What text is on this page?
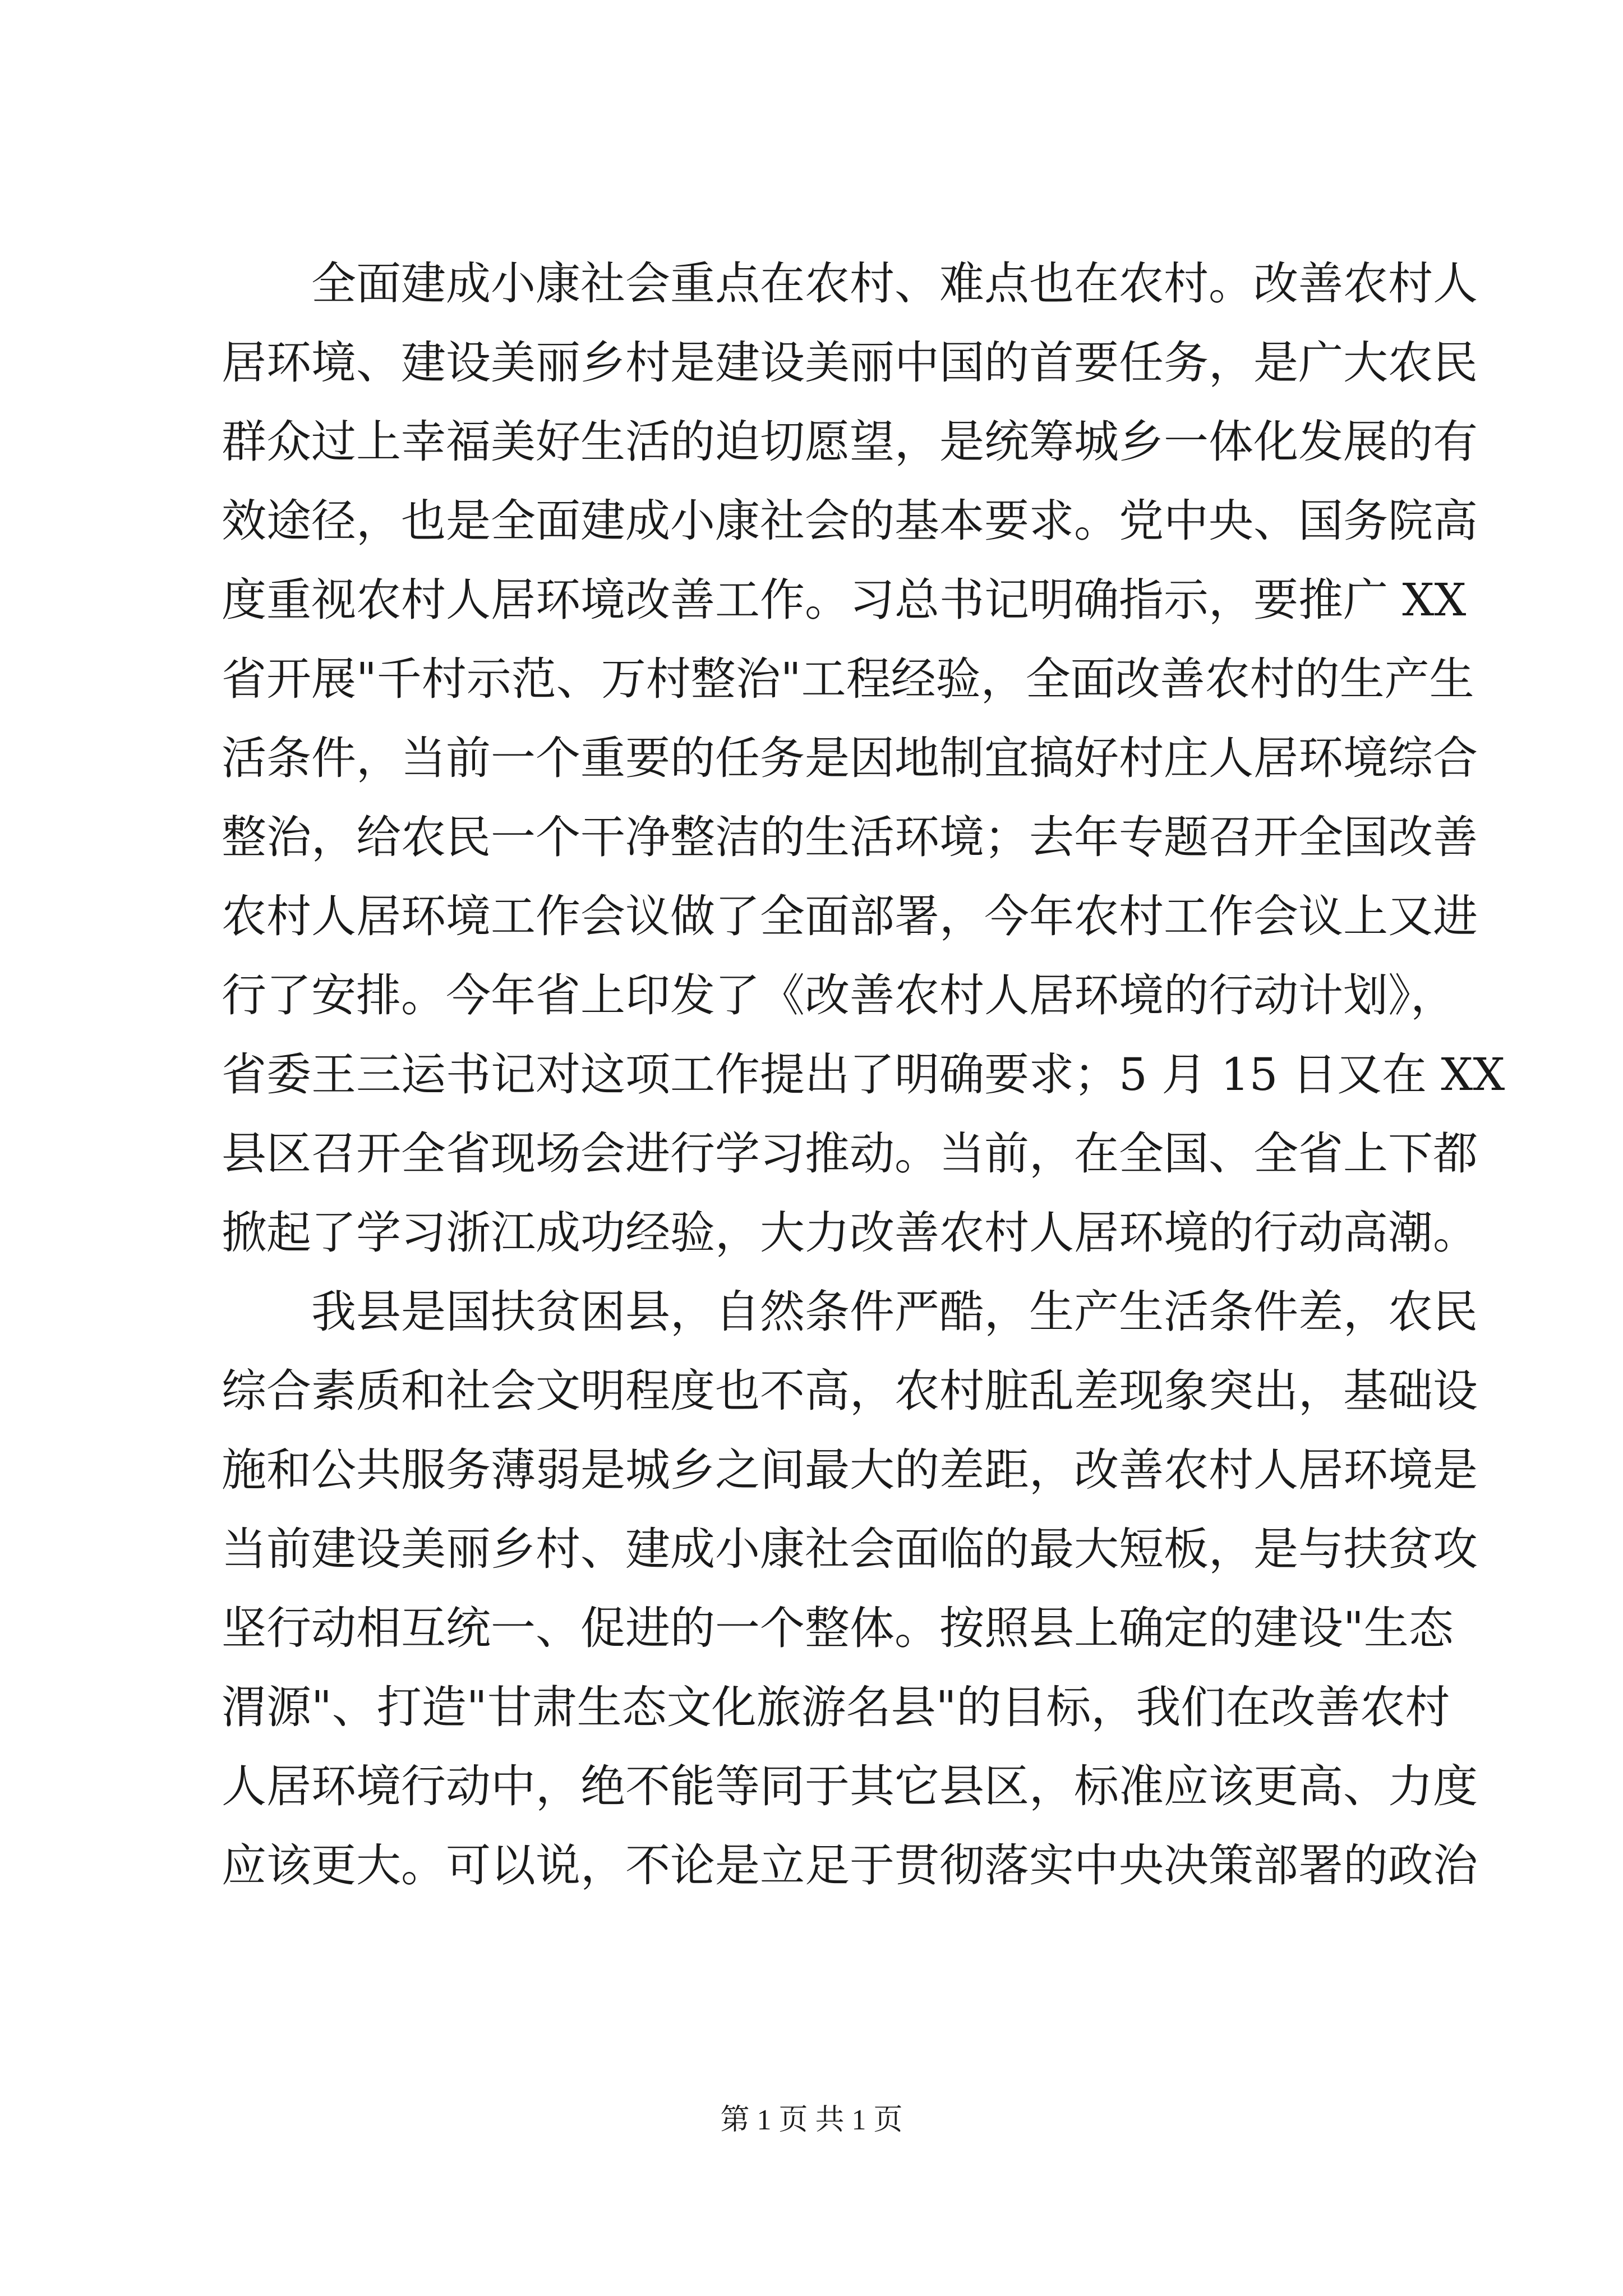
全面建成小康社会重点在农村、难点也在农村。改善农村人
居环境、建设美丽乡村是建设美丽中国的首要任务，是广大农民
群众过上幸福美好生活的迫切愿望，是统筹城乡一体化发展的有
效途径，也是全面建成小康社会的基本要求。党中央、国务院高
度重视农村人居环境改善工作。习总书记明确指示，要推广 XX
省开展"千村示范、万村整治"工程经验，全面改善农村的生产生
活条件，当前一个重要的任务是因地制宜搞好村庄人居环境综合
整治，给农民一个干净整洁的生活环境；去年专题召开全国改善
农村人居环境工作会议做了全面部署，今年农村工作会议上又进
行了安排。今年省上印发了《改善农村人居环境的行动计划》，
省委王三运书记对这项工作提出了明确要求；5 月 15 日又在 XX
县区召开全省现场会进行学习推动。当前，在全国、全省上下都
掀起了学习浙江成功经验，大力改善农村人居环境的行动高潮。
我县是国扶贫困县，自然条件严酷，生产生活条件差，农民
综合素质和社会文明程度也不高，农村脏乱差现象突出，基础设
施和公共服务薄弱是城乡之间最大的差距，改善农村人居环境是
当前建设美丽乡村、建成小康社会面临的最大短板，是与扶贫攻
坚行动相互统一、促进的一个整体。按照县上确定的建设"生态
渭源"、打造"甘肃生态文化旅游名县"的目标，我们在改善农村
人居环境行动中，绝不能等同于其它县区，标准应该更高、力度
应该更大。可以说，不论是立足于贯彻落实中央决策部署的政治
第 1 页 共 1 页
